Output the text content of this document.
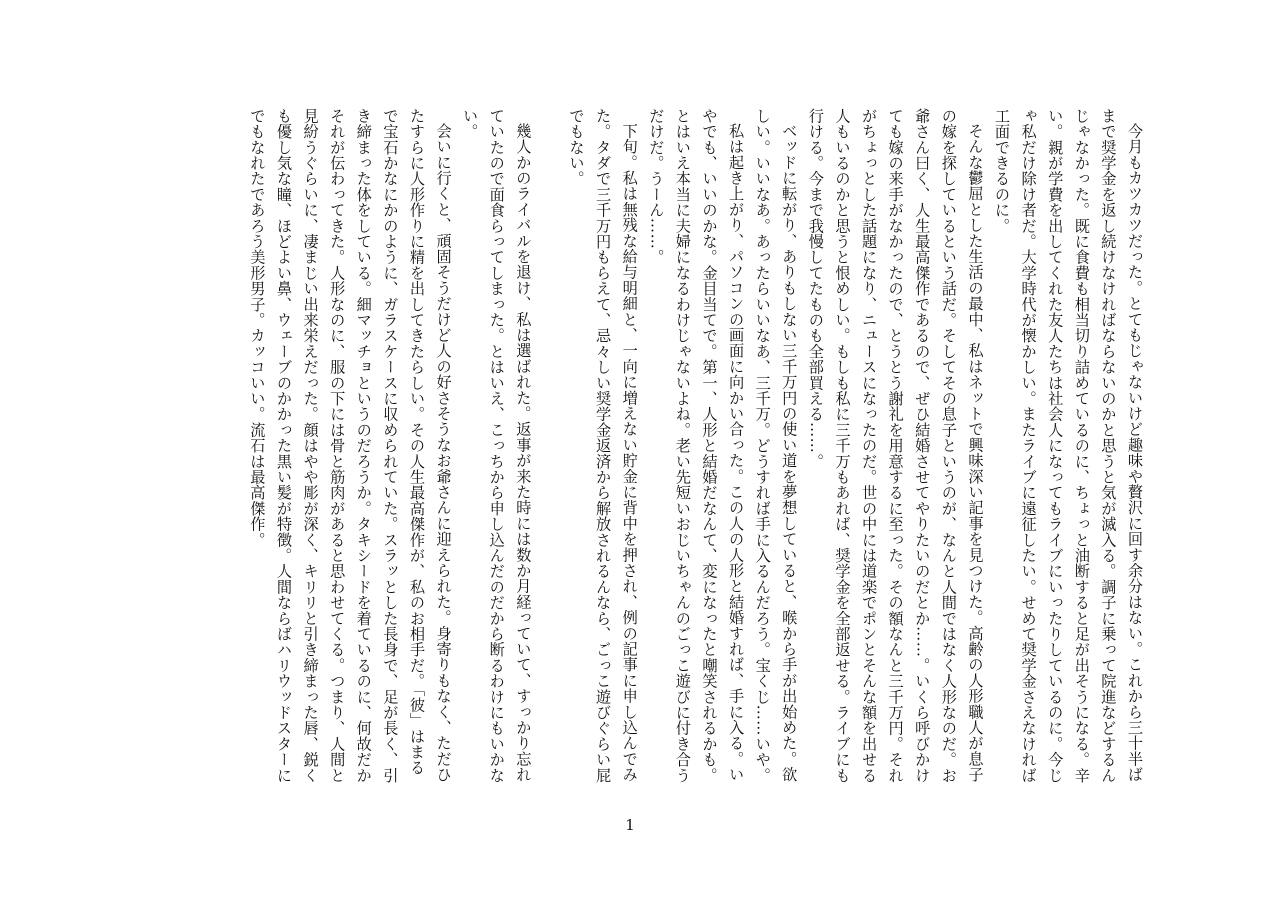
今月もカツカツだった。とてもじゃないけど趣味や贅沢に回す余分はない。これから三十半ばまで奨学金を返し続けなければならないのかと思うと気が滅入る。調子に乗って院進などするんじゃなかった。既に食費も相当切り詰めているのに、ちょっと油断すると足が出そうになる。辛い。親が学費を出してくれた友人たちは社会人になってもライブにいったりしているのに。今じゃ私だけ除け者だ。大学時代が懐かしい。またライブに遠征したい。せめて奨学金さえなければ工面できるのに。

そんな鬱屈とした生活の最中、私はネットで興味深い記事を見つけた。高齢の人形職人が息子の嫁を探しているという話だ。そしてその息子というのが、なんと人間ではなく人形なのだ。お爺さん曰く、人生最高傑作であるので、ぜひ結婚させてやりたいのだとか……。いくら呼びかけても嫁の来手がなかったので、とうとう謝礼を用意するに至った。その額なんと三千万円。それがちょっとした話題になり、ニュースになったのだ。世の中には道楽でポンとそんな額を出せる人もいるのかと思うと恨めしい。もしも私に三千万もあれば、奨学金を全部返せる。ライブにも行ける。今まで我慢してたものも全部買える……。

ベッドに転がり、ありもしない三千万円の使い道を夢想していると、喉から手が出始めた。欲しい。いいなあ。あったらいいなあ、三千万。どうすれば手に入るんだろう。宝くじ……いや。

私は起き上がり、パソコンの画面に向かい合った。この人の人形と結婚すれば、手に入る。いやでも、いいのかな。金目当てで。第一、人形と結婚だなんて、変になったと嘲笑されるかも。とはいえ本当に夫婦になるわけじゃないよね。老い先短いおじいちゃんのごっこ遊びに付き合うだけだ。うーん……。

下旬。私は無残な給与明細と、一向に増えない貯金に背中を押され、例の記事に申し込んでみた。タダで三千万円もらえて、忌々しい奨学金返済から解放されるんなら、ごっこ遊びぐらい屁でもない。

幾人かのライバルを退け、私は選ばれた。返事が来た時には数か月経っていて、すっかり忘れていたので面食らってしまった。とはいえ、こっちから申し込んだのだから断るわけにもいかない。

会いに行くと、頑固そうだけど人の好さそうなお爺さんに迎えられた。身寄りもなく、ただひたすらに人形作りに精を出してきたらしい。その人生最高傑作が、私のお相手だ。「彼」はまるで宝石かなにかのように、ガラスケースに収められていた。スラッとした長身で、足が長く、引き締まった体をしている。細マッチョというのだろうか。タキシードを着ているのに、何故だかそれが伝わってきた。人形なのに、服の下には骨と筋肉があると思わせてくる。つまり、人間と見紛うぐらいに、凄まじい出来栄えだった。顔はやや彫が深く、キリリと引き締まった唇、鋭くも優し気な瞳、ほどよい鼻、ウェーブのかかった黒い髪が特徴。人間ならばハリウッドスターにでもなれたであろう美形男子。カッコいい。流石は最高傑作。

1
